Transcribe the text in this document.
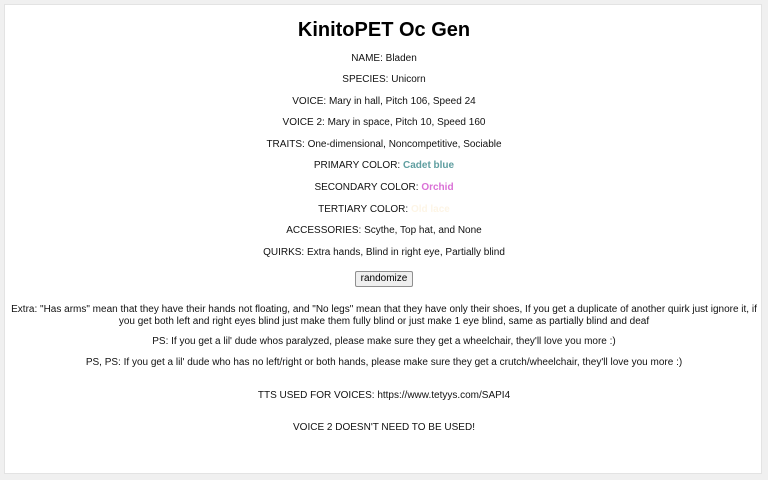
KinitoPET Oc Gen
NAME: Bladen
SPECIES: Unicorn
VOICE: Mary in hall, Pitch 106, Speed 24
VOICE 2: Mary in space, Pitch 10, Speed 160
TRAITS: One-dimensional, Noncompetitive, Sociable
PRIMARY COLOR: Cadet blue
SECONDARY COLOR: Orchid
TERTIARY COLOR: Old lace
ACCESSORIES: Scythe, Top hat, and None
QUIRKS: Extra hands, Blind in right eye, Partially blind
randomize
Extra: "Has arms" mean that they have their hands not floating, and "No legs" mean that they have only their shoes, If you get a duplicate of another quirk just ignore it, if you get both left and right eyes blind just make them fully blind or just make 1 eye blind, same as partially blind and deaf
PS: If you get a lil' dude whos paralyzed, please make sure they get a wheelchair, they'll love you more :)
PS, PS: If you get a lil' dude who has no left/right or both hands, please make sure they get a crutch/wheelchair, they'll love you more :)
TTS USED FOR VOICES: https://www.tetyys.com/SAPI4
VOICE 2 DOESN'T NEED TO BE USED!
